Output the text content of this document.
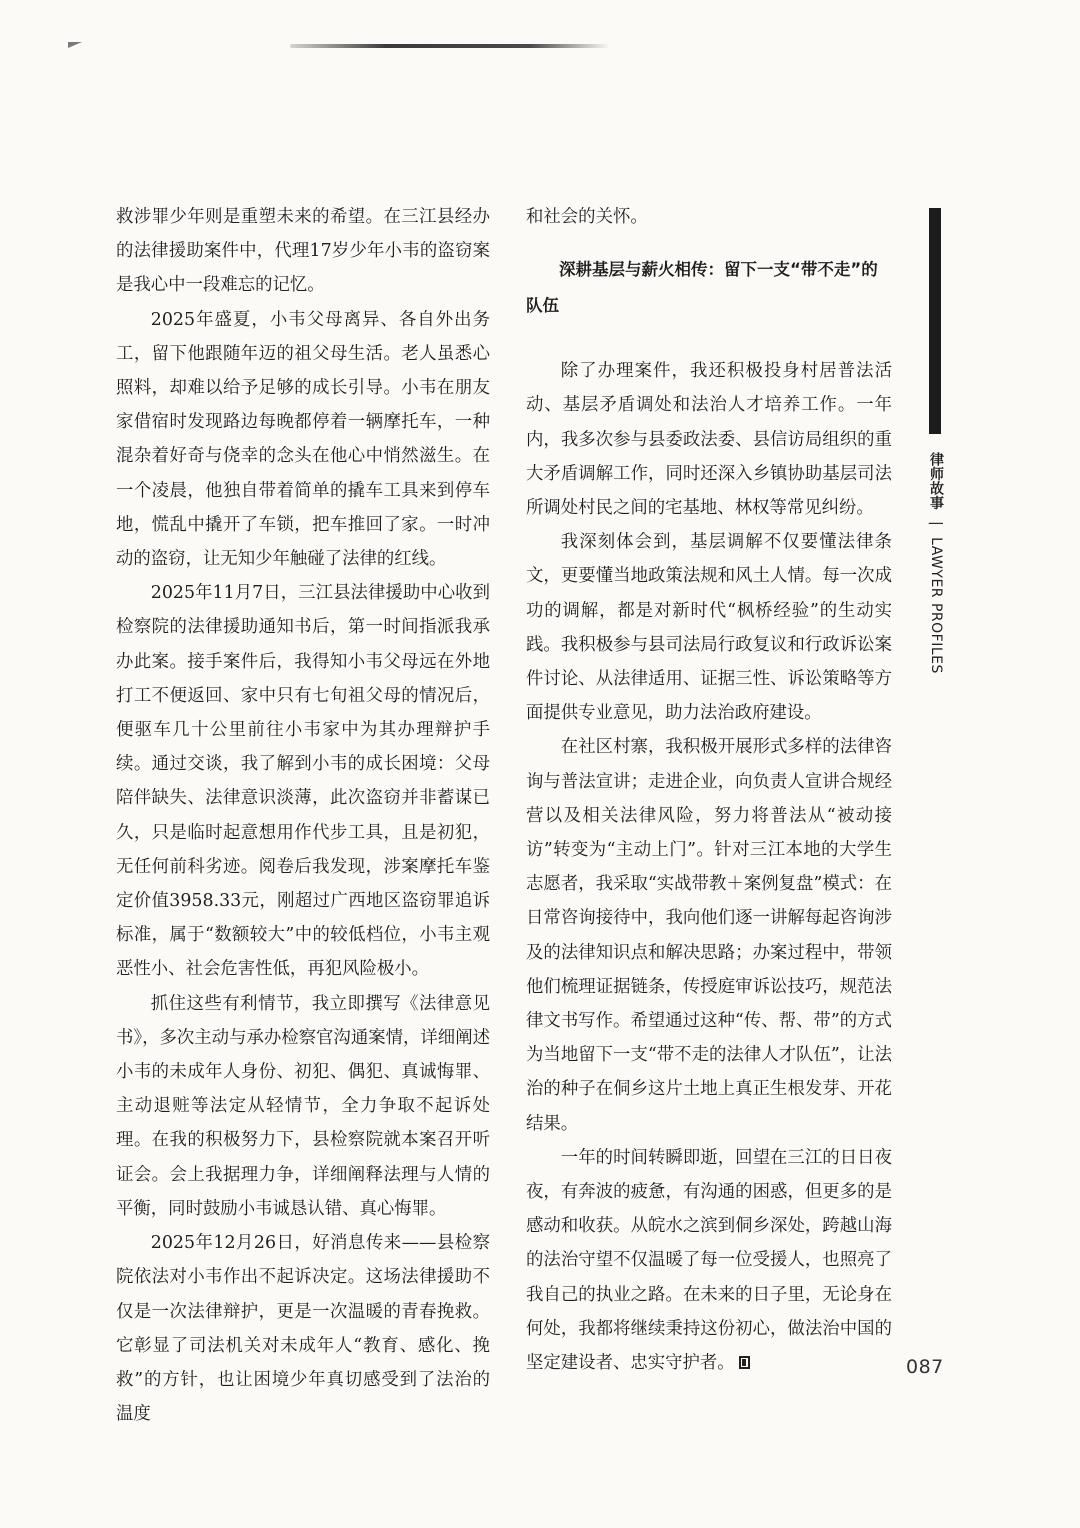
救涉罪少年则是重塑未来的希望。在三江县经办的法律援助案件中，代理17岁少年小韦的盗窃案是我心中一段难忘的记忆。

2025年盛夏，小韦父母离异、各自外出务工，留下他跟随年迈的祖父母生活。老人虽悉心照料，却难以给予足够的成长引导。小韦在朋友家借宿时发现路边每晚都停着一辆摩托车，一种混杂着好奇与侥幸的念头在他心中悄然滋生。在一个凌晨，他独自带着简单的撬车工具来到停车地，慌乱中撬开了车锁，把车推回了家。一时冲动的盗窃，让无知少年触碰了法律的红线。

2025年11月7日，三江县法律援助中心收到检察院的法律援助通知书后，第一时间指派我承办此案。接手案件后，我得知小韦父母远在外地打工不便返回、家中只有七旬祖父母的情况后，便驱车几十公里前往小韦家中为其办理辩护手续。通过交谈，我了解到小韦的成长困境：父母陪伴缺失、法律意识淡薄，此次盗窃并非蓄谋已久，只是临时起意想用作代步工具，且是初犯，无任何前科劣迹。阅卷后我发现，涉案摩托车鉴定价值3958.33元，刚超过广西地区盗窃罪追诉标准，属于“数额较大”中的较低档位，小韦主观恶性小、社会危害性低，再犯风险极小。

抓住这些有利情节，我立即撰写《法律意见书》，多次主动与承办检察官沟通案情，详细阐述小韦的未成年人身份、初犯、偶犯、真诚悔罪、主动退赃等法定从轻情节，全力争取不起诉处理。在我的积极努力下，县检察院就本案召开听证会。会上我据理力争，详细阐释法理与人情的平衡，同时鼓励小韦诚恳认错、真心悔罪。

2025年12月26日，好消息传来——县检察院依法对小韦作出不起诉决定。这场法律援助不仅是一次法律辩护，更是一次温暖的青春挽救。它彰显了司法机关对未成年人“教育、感化、挽救”的方针，也让困境少年真切感受到了法治的温度

和社会的关怀。

深耕基层与薪火相传：留下一支“带不走”的队伍

除了办理案件，我还积极投身村居普法活动、基层矛盾调处和法治人才培养工作。一年内，我多次参与县委政法委、县信访局组织的重大矛盾调解工作，同时还深入乡镇协助基层司法所调处村民之间的宅基地、林权等常见纠纷。

我深刻体会到，基层调解不仅要懂法律条文，更要懂当地政策法规和风土人情。每一次成功的调解，都是对新时代“枫桥经验”的生动实践。我积极参与县司法局行政复议和行政诉讼案件讨论、从法律适用、证据三性、诉讼策略等方面提供专业意见，助力法治政府建设。

在社区村寨，我积极开展形式多样的法律咨询与普法宣讲；走进企业，向负责人宣讲合规经营以及相关法律风险，努力将普法从“被动接访”转变为“主动上门”。针对三江本地的大学生志愿者，我采取“实战带教＋案例复盘”模式：在日常咨询接待中，我向他们逐一讲解每起咨询涉及的法律知识点和解决思路；办案过程中，带领他们梳理证据链条，传授庭审诉讼技巧，规范法律文书写作。希望通过这种“传、帮、带”的方式为当地留下一支“带不走的法律人才队伍”，让法治的种子在侗乡这片土地上真正生根发芽、开花结果。

一年的时间转瞬即逝，回望在三江的日日夜夜，有奔波的疲惫，有沟通的困惑，但更多的是感动和收获。从皖水之滨到侗乡深处，跨越山海的法治守望不仅温暖了每一位受援人，也照亮了我自己的执业之路。在未来的日子里，无论身在何处，我都将继续秉持这份初心，做法治中国的坚定建设者、忠实守护者。

律师故事 | LAWYER PROFILES
087
